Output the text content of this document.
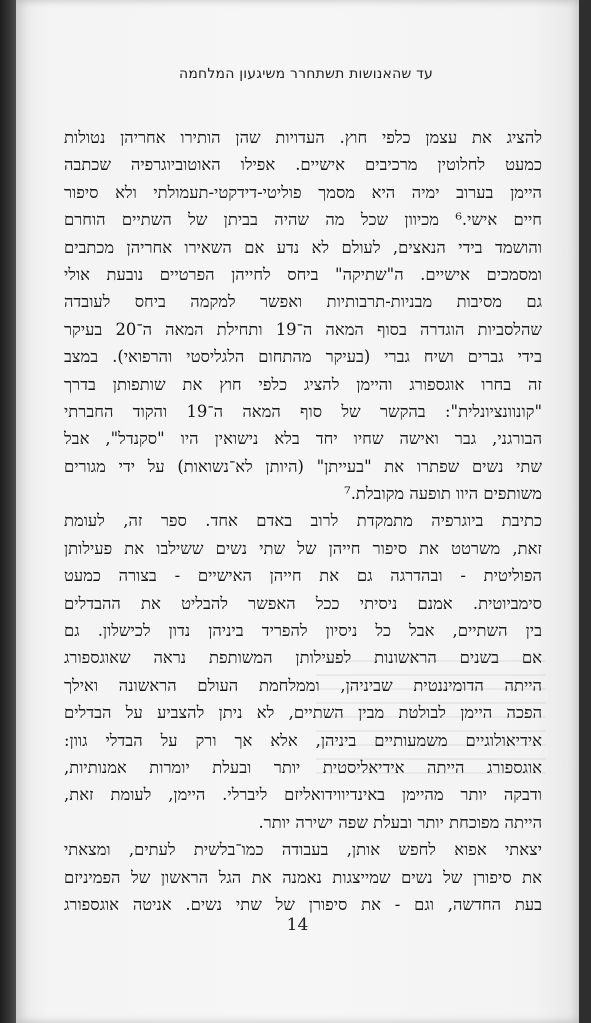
עד שהאנושות תשתחרר משיגעון המלחמה
להציג את עצמן כלפי חוץ. העדויות שהן הותירו אחריהן נטולות
כמעט לחלוטין מרכיבים אישיים. אפילו האוטוביוגרפיה שכתבה
היימן בערוב ימיה היא מסמך פוליטי-דידקטי-תעמולתי ולא סיפור
חיים אישי.⁶ מכיוון שכל מה שהיה בביתן של השתיים הוחרם
והושמד בידי הנאצים, לעולם לא נדע אם השאירו אחריהן מכתבים
ומסמכים אישיים. ה"שתיקה" ביחס לחייהן הפרטיים נובעת אולי
גם מסיבות מבניות-תרבותיות ואפשר למקמה ביחס לעובדה
שהלסביות הוגדרה בסוף המאה ה־19 ותחילת המאה ה־20 בעיקר
בידי גברים ושיח גברי (בעיקר מהתחום הלגליסטי והרפואי). במצב
זה בחרו אוגספורג והיימן להציג כלפי חוץ את שותפותן בדרך
"קונוונציונלית": בהקשר של סוף המאה ה־19 והקוד החברתי
הבורגני, גבר ואישה שחיו יחד בלא נישואין היו "סקנדל", אבל
שתי נשים שפתרו את "בעייתן" (היותן לא־נשואות) על ידי מגורים
משותפים היוו תופעה מקובלת.⁷
כתיבת ביוגרפיה מתמקדת לרוב באדם אחד. ספר זה, לעומת
זאת, משרטט את סיפור חייהן של שתי נשים ששילבו את פעילותן
הפוליטית - ובהדרגה גם את חייהן האישיים - בצורה כמעט
סימביוטית. אמנם ניסיתי ככל האפשר להבליט את ההבדלים
בין השתיים, אבל כל ניסיון להפריד ביניהן נדון לכישלון. גם
אם בשנים הראשונות לפעילותן המשותפת נראה שאוגספורג
הייתה הדומיננטית שביניהן, וממלחמת העולם הראשונה ואילך
הפכה היימן לבולטת מבין השתיים, לא ניתן להצביע על הבדלים
אידיאולוגיים משמעותיים ביניהן, אלא אך ורק על הבדלי גוון:
אוגספורג הייתה אידיאליסטית יותר ובעלת יומרות אמנותיות,
ודבקה יותר מהיימן באינדיווידואליזם ליברלי. היימן, לעומת זאת,
הייתה מפוכחת יותר ובעלת שפה ישירה יותר.
יצאתי אפוא לחפש אותן, בעבודה כמו־בלשית לעתים, ומצאתי
את סיפורן של נשים שמייצגות נאמנה את הגל הראשון של הפמיניזם
בעת החדשה, וגם - את סיפורן של שתי נשים. אניטה אוגספורג
14
